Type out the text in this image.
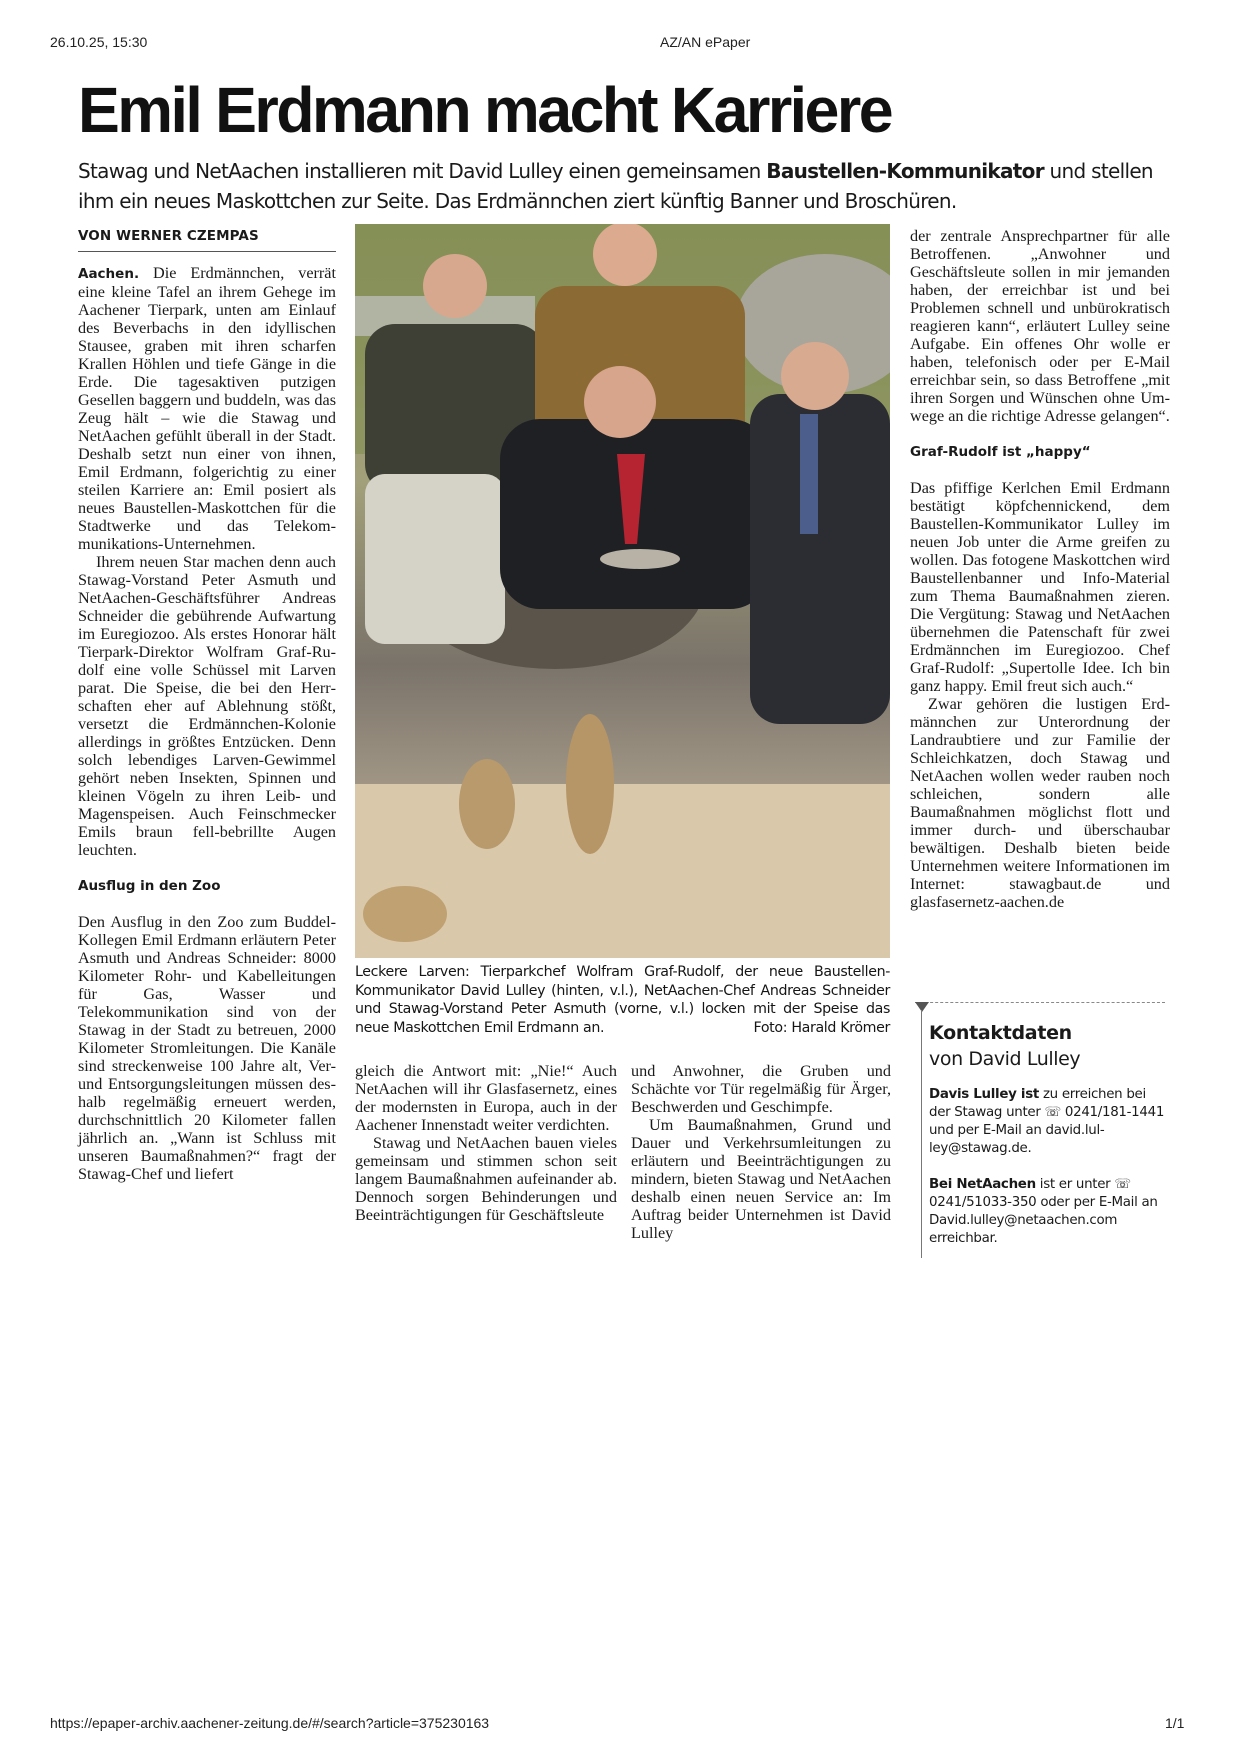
26.10.25, 15:30	AZ/AN ePaper
Emil Erdmann macht Karriere

Stawag und NetAachen installieren mit David Lulley einen gemeinsamen Baustellen-Kommunikator und stellen ihm ein neues Maskottchen zur Seite. Das Erdmännchen ziert künftig Banner und Broschüren.

VON WERNER CZEMPAS

Aachen. Die Erdmännchen, verrät eine kleine Tafel an ihrem Gehege im Aachener Tierpark, unten am Einlauf des Beverbachs in den idyllischen Stausee, graben mit ihren scharfen Krallen Höhlen und tiefe Gänge in die Erde. Die tagesaktiven putzigen Gesellen baggern und buddeln, was das Zeug hält – wie die Stawag und NetAachen gefühlt überall in der Stadt. Deshalb setzt nun einer von ihnen, Emil Erdmann, folgerichtig zu einer steilen Karriere an: Emil posiert als neues Baustellen-Maskottchen für die Stadtwerke und das Telekommunikations-Unternehmen.

Ihrem neuen Star machen denn auch Stawag-Vorstand Peter Asmuth und NetAachen-Geschäftsführer Andreas Schneider die gebührende Aufwartung im Euregiozoo. Als erstes Honorar hält Tierpark-Direktor Wolfram Graf-Rudolf eine volle Schüssel mit Larven parat. Die Speise, die bei den Herrschaften eher auf Ablehnung stößt, versetzt die Erdmännchen-Kolonie allerdings in größtes Entzücken. Denn solch lebendiges Larven-Gewimmel gehört neben Insekten, Spinnen und kleinen Vögeln zu ihren Leib- und Magenspeisen. Auch Feinschmecker Emils braun fell-bebrillte Augen leuchten.

Ausflug in den Zoo

Den Ausflug in den Zoo zum Buddel-Kollegen Emil Erdmann erläutern Peter Asmuth und Andreas Schneider: 8000 Kilometer Rohr- und Kabelleitungen für Gas, Wasser und Telekommunikation sind von der Stawag in der Stadt zu betreuen, 2000 Kilometer Stromleitungen. Die Kanäle sind streckenweise 100 Jahre alt, Ver- und Entsorgungsleitungen müssen deshalb regelmäßig erneuert werden, durchschnittlich 20 Kilometer fallen jährlich an. „Wann ist Schluss mit unseren Baumaßnahmen?“ fragt der Stawag-Chef und liefert

Leckere Larven: Tierparkchef Wolfram Graf-Rudolf, der neue Baustellen-Kommunikator David Lulley (hinten, v.l.), NetAachen-Chef Andreas Schneider und Stawag-Vorstand Peter Asmuth (vorne, v.l.) locken mit der Speise das neue Maskottchen Emil Erdmann an.	Foto: Harald Krömer

gleich die Antwort mit: „Nie!“ Auch NetAachen will ihr Glasfasernetz, eines der modernsten in Europa, auch in der Aachener Innenstadt weiter verdichten.

Stawag und NetAachen bauen vieles gemeinsam und stimmen schon seit langem Baumaßnahmen aufeinander ab. Dennoch sorgen Behinderungen und Beeinträchtigungen für Geschäftsleute

und Anwohner, die Gruben und Schächte vor Tür regelmäßig für Ärger, Beschwerden und Geschimpfe.

Um Baumaßnahmen, Grund und Dauer und Verkehrsumleitungen zu erläutern und Beeinträchtigungen zu mindern, bieten Stawag und NetAachen deshalb einen neuen Service an: Im Auftrag beider Unternehmen ist David Lulley

der zentrale Ansprechpartner für alle Betroffenen. „Anwohner und Geschäftsleute sollen in mir jemanden haben, der erreichbar ist und bei Problemen schnell und unbürokratisch reagieren kann“, erläutert Lulley seine Aufgabe. Ein offenes Ohr wolle er haben, telefonisch oder per E-Mail erreichbar sein, so dass Betroffene „mit ihren Sorgen und Wünschen ohne Umwege an die richtige Adresse gelangen“.

Graf-Rudolf ist „happy“

Das pfiffige Kerlchen Emil Erdmann bestätigt köpfchennickend, dem Baustellen-Kommunikator Lulley im neuen Job unter die Arme greifen zu wollen. Das fotogene Maskottchen wird Baustellenbanner und Info-Material zum Thema Baumaßnahmen zieren. Die Vergütung: Stawag und NetAachen übernehmen die Patenschaft für zwei Erdmännchen im Euregiozoo. Chef Graf-Rudolf: „Supertolle Idee. Ich bin ganz happy. Emil freut sich auch.“

Zwar gehören die lustigen Erdmännchen zur Unterordnung der Landraubtiere und zur Familie der Schleichkatzen, doch Stawag und NetAachen wollen weder rauben noch schleichen, sondern alle Baumaßnahmen möglichst flott und immer durch- und überschaubar bewältigen. Deshalb bieten beide Unternehmen weitere Informationen im Internet: stawagbaut.de und glasfasernetz-aachen.de

Kontaktdaten
von David Lulley
Davis Lulley ist zu erreichen bei der Stawag unter ☏ 0241/181-1441 und per E-Mail an david.lulley@stawag.de.
Bei NetAachen ist er unter ☏ 0241/51033-350 oder per E-Mail an David.lulley@netaachen.com erreichbar.
https://epaper-archiv.aachener-zeitung.de/#/search?article=375230163	1/1
